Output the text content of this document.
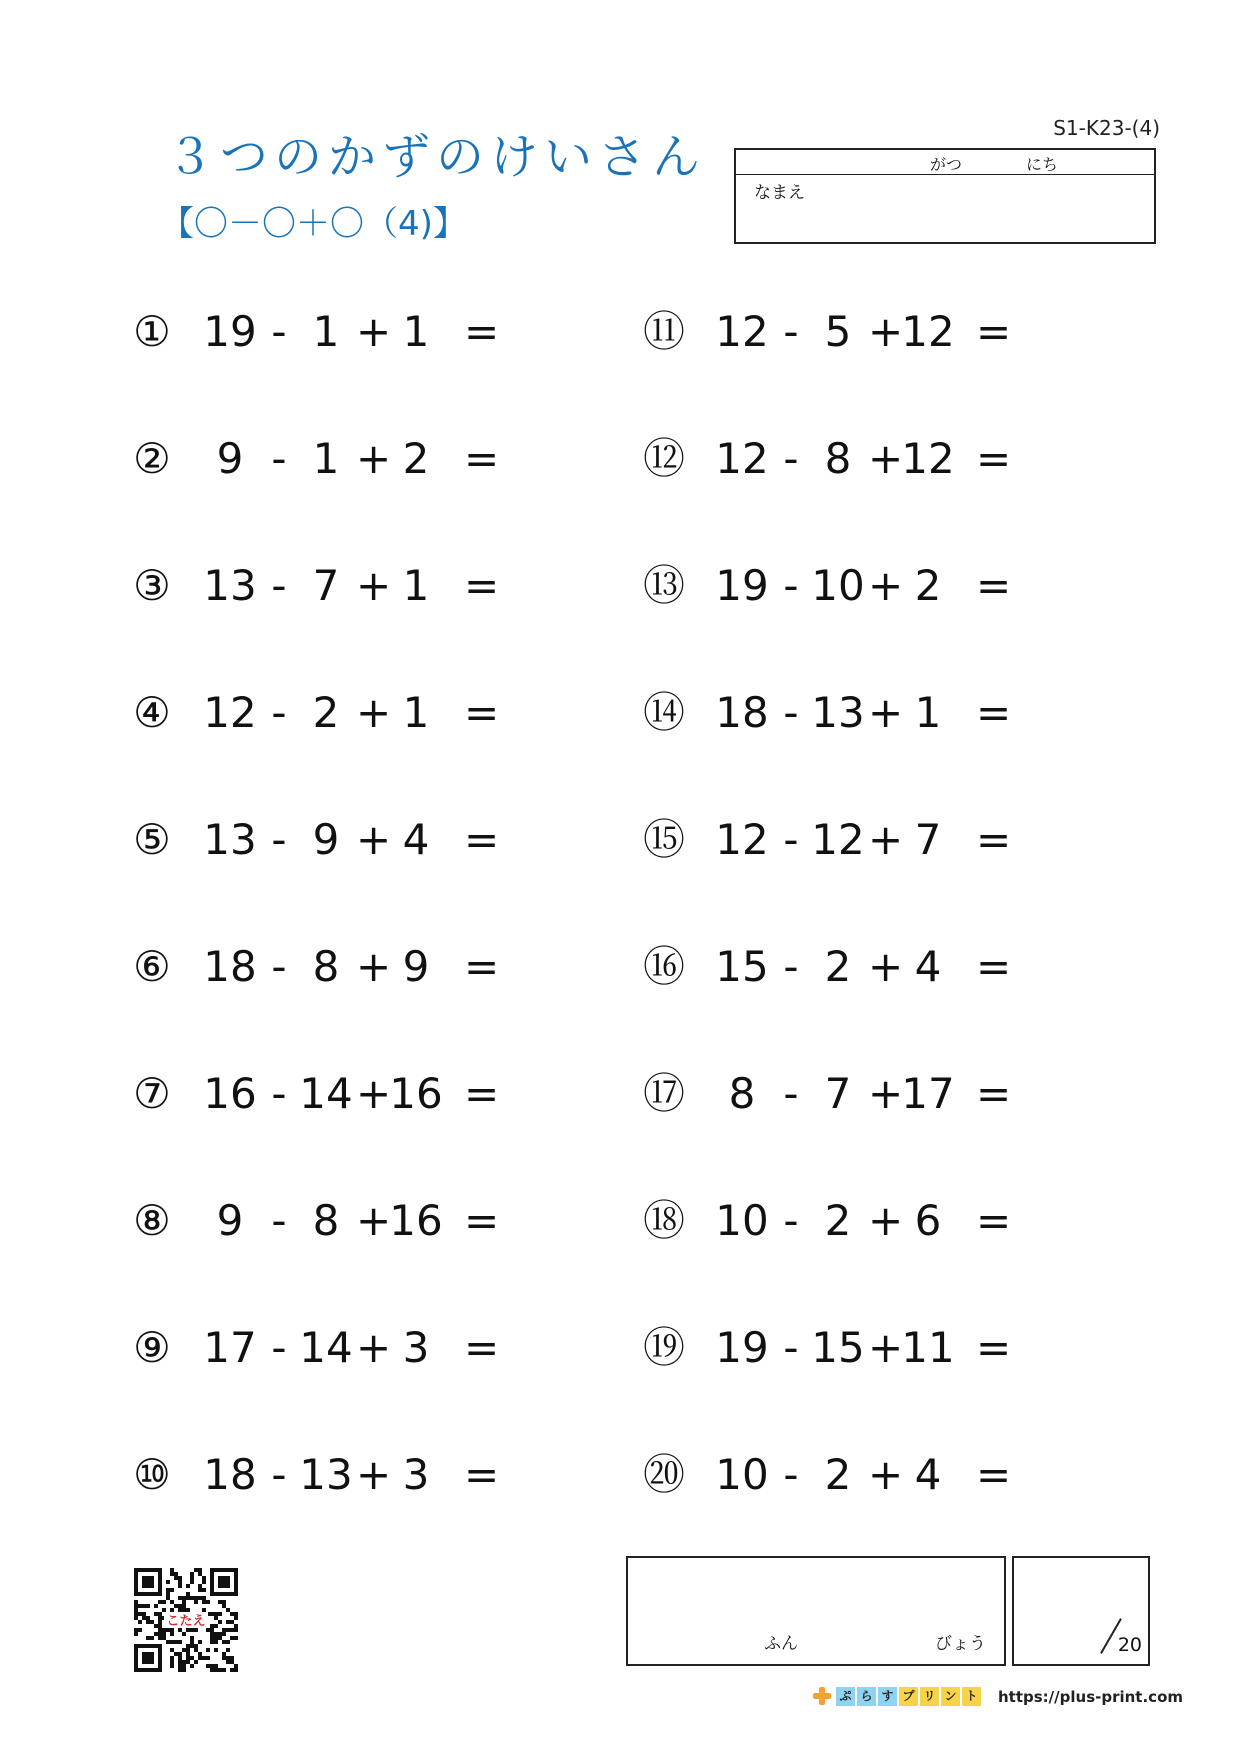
３つのかずのけいさん
【〇－〇＋〇（4)】
S1-K23-(4)
がつ	にち
なまえ
① 19 - 1 + 1 =
②	9 - 1 + 2 =
③ 13 - 7 + 1 =
④ 12 - 2 + 1 =
⑤ 13 - 9 + 4 =
⑥ 18 - 8 + 9 =
⑦ 16 - 14 +
16 =
⑧	9 - 8 +
16 =
⑨ 17 - 14 + 3 =
⑩ 18 - 13 + 3 =
⑪ 12 - 5 +
12 =
⑫ 12 - 8 +
12 =
⑬ 19 - 10 + 2 =
⑭ 18 - 13 + 1 =
⑮ 12 - 12 + 7 =
⑯ 15 - 2 + 4 =
⑰	8 - 7 +
17 =
⑱ 10 - 2 + 6 =
⑲ 19 - 15 +
11 =
⑳ 10 - 2 + 4 =
こたえ
ふん	びょう	20
ぷ ら す プ リ ン ト https://plus-print.com
